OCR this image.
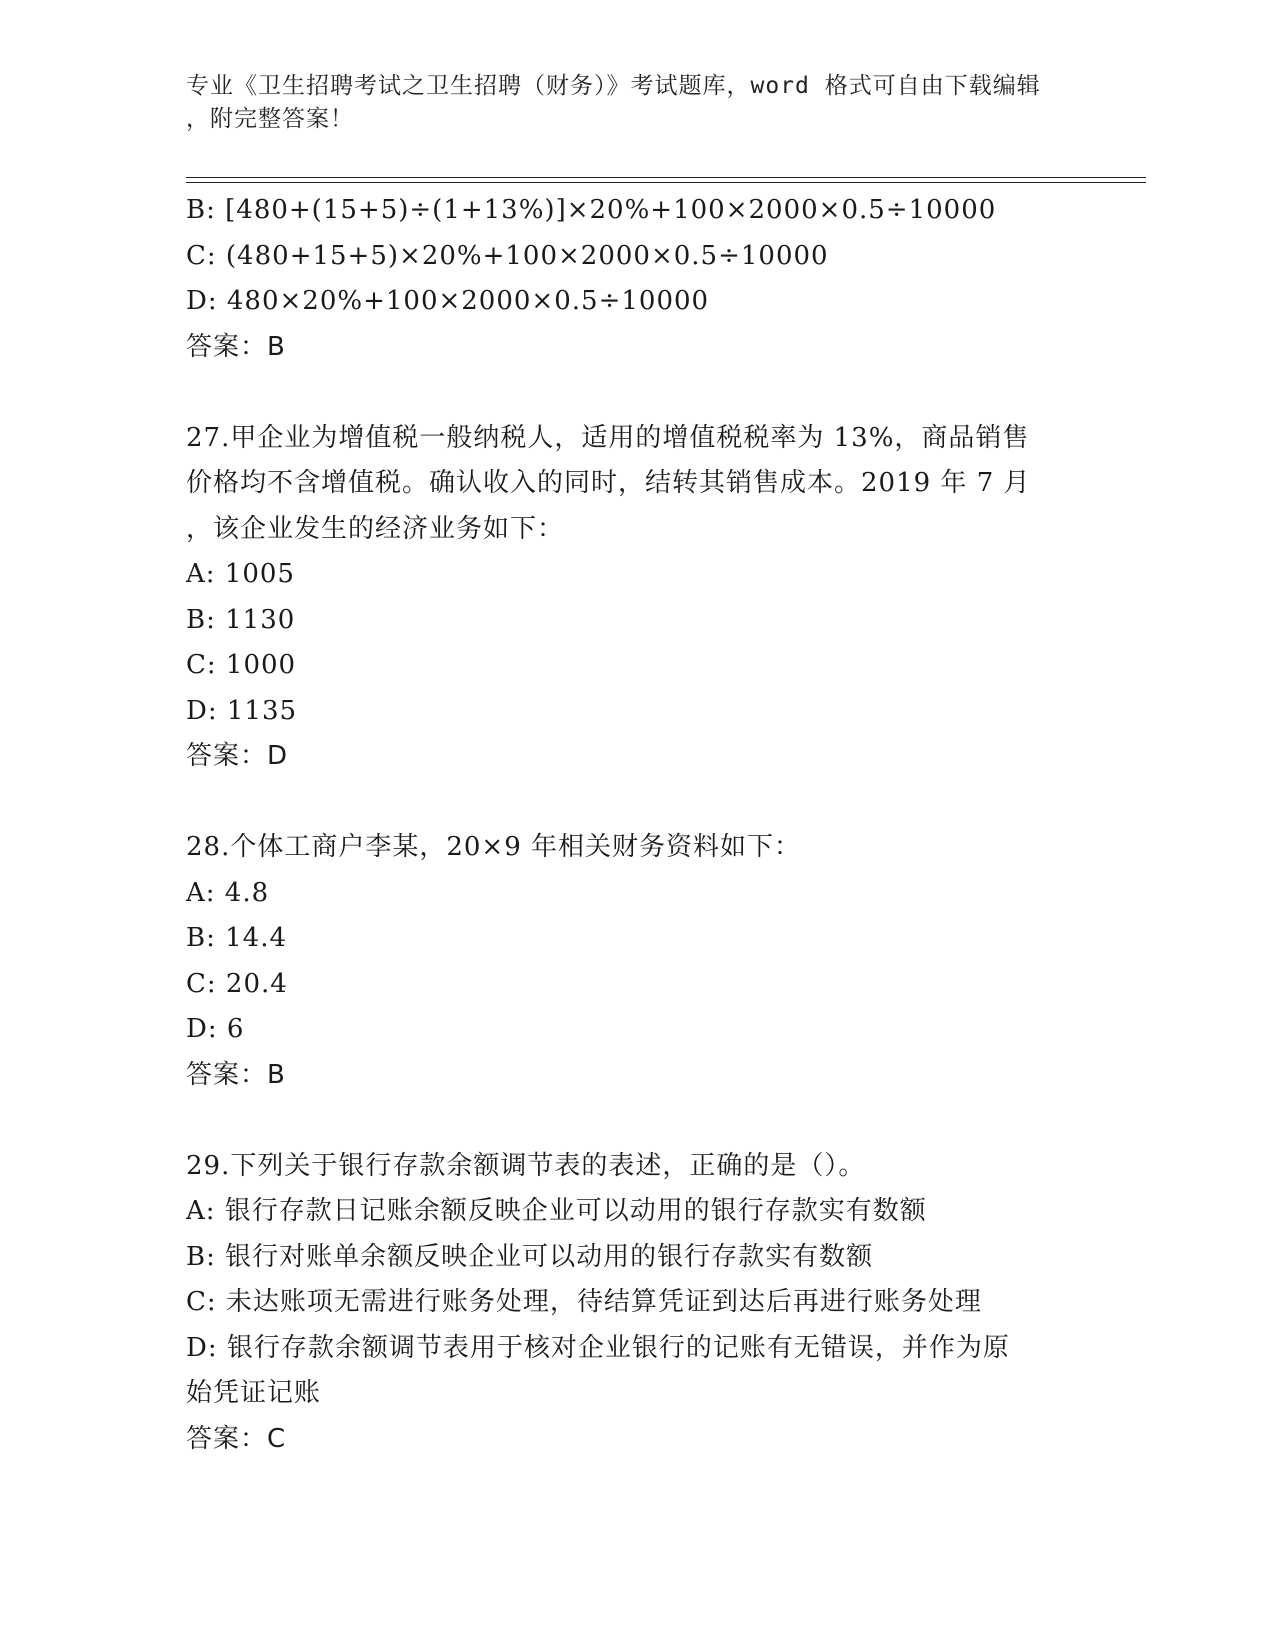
专业《卫生招聘考试之卫生招聘（财务）》考试题库，word 格式可自由下载编辑
，附完整答案！
B: [480+(15+5)÷(1+13%)]×20%+100×2000×0.5÷10000
C: (480+15+5)×20%+100×2000×0.5÷10000
D: 480×20%+100×2000×0.5÷10000
答案：B
27.甲企业为增值税一般纳税人，适用的增值税税率为 13%，商品销售
价格均不含增值税。确认收入的同时，结转其销售成本。2019 年 7 月
，该企业发生的经济业务如下：
A: 1005
B: 1130
C: 1000
D: 1135
答案：D
28.个体工商户李某，20×9 年相关财务资料如下：
A: 4.8
B: 14.4
C: 20.4
D: 6
答案：B
29.下列关于银行存款余额调节表的表述，正确的是（）。
A: 银行存款日记账余额反映企业可以动用的银行存款实有数额
B: 银行对账单余额反映企业可以动用的银行存款实有数额
C: 未达账项无需进行账务处理，待结算凭证到达后再进行账务处理
D: 银行存款余额调节表用于核对企业银行的记账有无错误，并作为原
始凭证记账
答案：C
